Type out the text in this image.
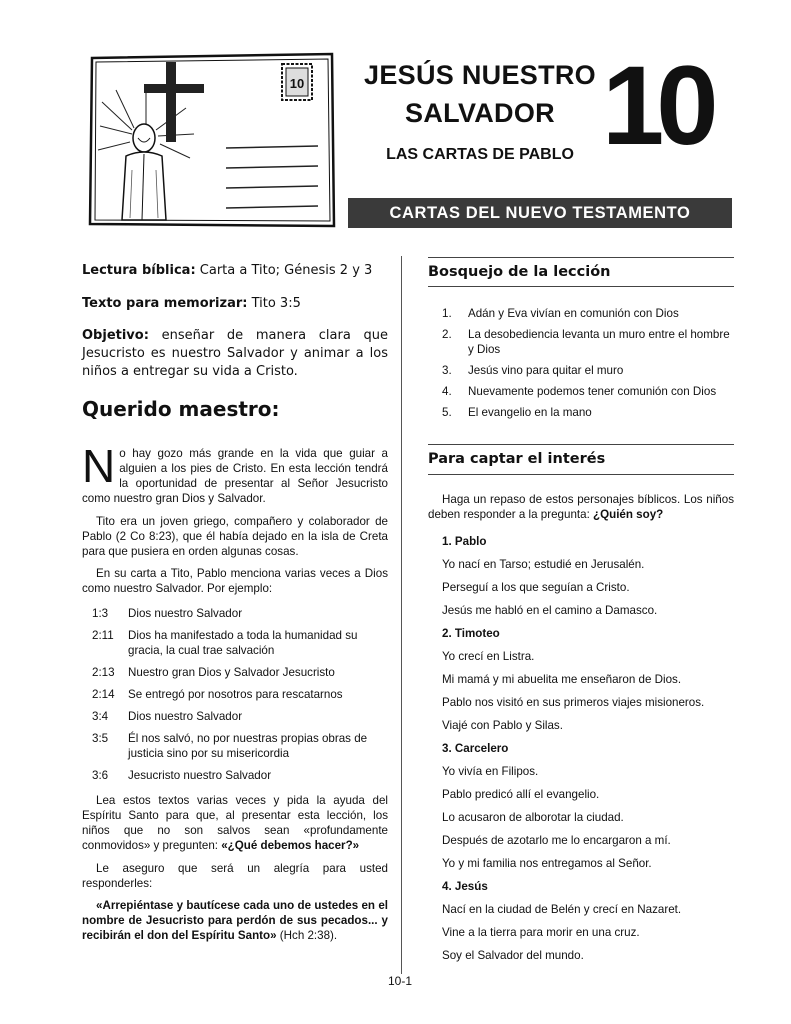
10	JESÚS NUESTRO
SALVADOR
LAS CARTAS DE PABLO 10
CARTAS DEL NUEVO TESTAMENTO
Lectura bíblica: Carta a Tito; Génesis 2 y 3
Texto para memorizar: Tito 3:5
Objetivo: enseñar de manera clara que Jesucristo es nuestro Salvador y animar a los niños a entregar su vida a Cristo.
Querido maestro:

No hay gozo más grande en la vida que guiar a alguien a los pies de Cristo. En esta lección tendrá la oportunidad de presentar al Señor Jesucristo como nuestro gran Dios y Salvador.

Tito era un joven griego, compañero y colaborador de Pablo (2 Co 8:23), que él había dejado en la isla de Creta para que pusiera en orden algunas cosas.

En su carta a Tito, Pablo menciona varias veces a Dios como nuestro Salvador. Por ejemplo:

1:3	Dios nuestro Salvador
2:11	Dios ha manifestado a toda la humanidad su gracia, la cual trae salvación
2:13	Nuestro gran Dios y Salvador Jesucristo
2:14	Se entregó por nosotros para rescatarnos
3:4	Dios nuestro Salvador
3:5	Él nos salvó, no por nuestras propias obras de justicia sino por su misericordia
3:6	Jesucristo nuestro Salvador

Lea estos textos varias veces y pida la ayuda del Espíritu Santo para que, al presentar esta lección, los niños que no son salvos sean «profundamente conmovidos» y pregunten: «¿Qué debemos hacer?»

Le aseguro que será un alegría para usted responderles:

«Arrepiéntase y bautícese cada uno de ustedes en el nombre de Jesucristo para perdón de sus pecados... y recibirán el don del Espíritu Santo» (Hch 2:38).

Bosquejo de la lección
1.	Adán y Eva vivían en comunión con Dios
2.	La desobediencia levanta un muro entre el hombre y Dios
3.	Jesús vino para quitar el muro
4.	Nuevamente podemos tener comunión con Dios
5.	El evangelio en la mano
Para captar el interés

Haga un repaso de estos personajes bíblicos. Los niños deben responder a la pregunta: ¿Quién soy?

1. Pablo
Yo nací en Tarso; estudié en Jerusalén.
Perseguí a los que seguían a Cristo.
Jesús me habló en el camino a Damasco.
2. Timoteo
Yo crecí en Listra.
Mi mamá y mi abuelita me enseñaron de Dios.
Pablo nos visitó en sus primeros viajes misioneros.
Viajé con Pablo y Silas.
3. Carcelero
Yo vivía en Filipos.
Pablo predicó allí el evangelio.
Lo acusaron de alborotar la ciudad.
Después de azotarlo me lo encargaron a mí.
Yo y mi familia nos entregamos al Señor.
4. Jesús
Nací en la ciudad de Belén y crecí en Nazaret.
Vine a la tierra para morir en una cruz.
Soy el Salvador del mundo.
10-1
